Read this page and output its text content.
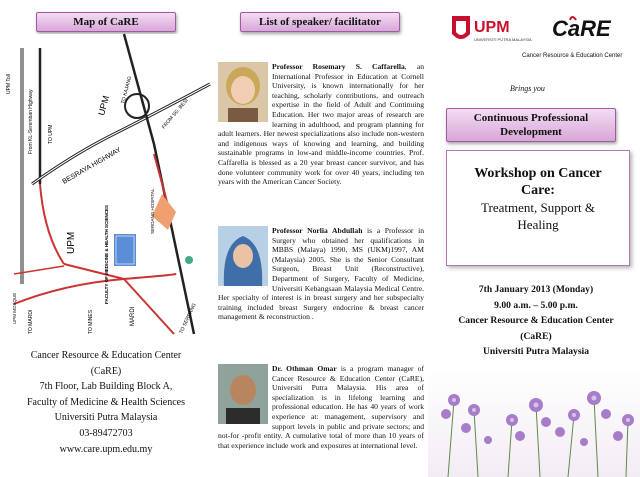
Map of CaRE
UPM Toll
From KL-Seremban Highway	TO UPM
TO KAJANG
FROM SG. BESI
UPM
BESRAYA HIGHWAY
UPM
MARDI
TO MARDI	TO MINES	TO SERDANG
SERDANG HOSPITAL
FACULTY OF MEDICINE & HEALTH SCIENCES
UPM MOSQUE
Cancer Resource & Education Center
(CaRE)
7th Floor, Lab Building Block A,
Faculty of Medicine & Health Sciences
Universiti Putra Malaysia
03-89472703
www.care.upm.edu.my
List of speaker/ facilitator
Professor Rosemary S. Caffarella, an International Professor in Education at Cornell University, is known internationally for her teaching, scholarly contributions, and outreach expertise in the field of Adult and Continuing Education. Her two major areas of research are learning in adulthood, and program planning for adult learners. Her newest specializations also include non-western and indigenous ways of knowing and learning, and building sustainable programs in low-and middle-income countries. Prof. Caffarella is blessed as a 20 year breast cancer survivor, and has done volunteer community work for over 40 years, including ten years with the American Cancer Society.
Professor Norlia Abdullah is a Professor in Surgery who obtained her qualifications in MBBS (Malaya) 1990, MS (UKM)1997, AM (Malaysia) 2005. She is the Senior Consultant Surgeon, Breast Unit (Reconstructive), Department of Surgery, Faculty of Medicine, Universiti Kebangsaan Malaysia Medical Centre. Her specialty of interest is in breast surgery and her subspecialty training included breast Surgery endocrine & breast cancer management & reconstruction .
Dr. Othman Omar is a program manager of Cancer Resource & Education Center (CaRE), Universiti Putra Malaysia. His area of specialization is in lifelong learning and professional education. He has 40 years of work experience at: management, supervisory and support levels in public and private sectors; and not-for -profit entity. A cumulative total of more than 10 years of that experience include work and exposures at international level.
UPM
UNIVERSITI PUTRA MALAYSIA CaRE
Cancer Resource & Education Center
Brings you
Continuous Professional
Development
Workshop on Cancer
Care:
Treatment, Support &
Healing
7th January 2013 (Monday)
9.00 a.m. – 5.00 p.m.
Cancer Resource & Education Center
(CaRE)
Universiti Putra Malaysia
